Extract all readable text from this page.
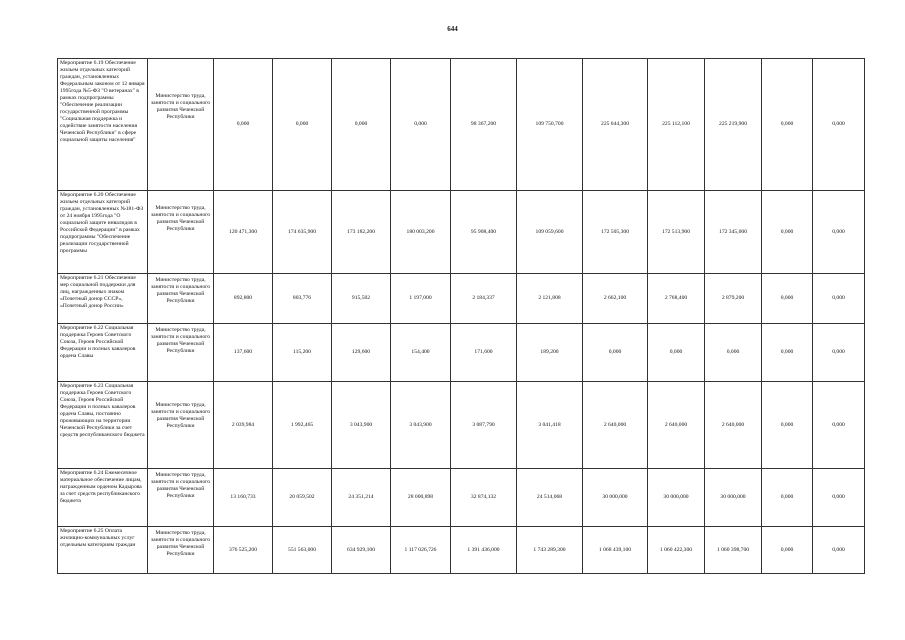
644
Мероприятие 6.19 Обеспечение жильем отдельных категорий граждан, установленных Федеральным законом от 12 января 1995года №5-ФЗ "О ветеранах" в рамках подпрограммы "Обеспечение реализации государственной программы "Социальная поддержка и содействие занятости населения Чеченской Республики" в сфере социальной защиты населения"	Министерство труда, занятости и социального развития Чеченской Республики	0,000	0,000	0,000	0,000	98 367,200	109 750,700	225 044,300	225 112,100	225 219,900	0,000	0,000

Мероприятие 6.20 Обеспечение жильем отдельных категорий граждан, установленных №181-ФЗ от 24 ноября 1995года "О социальной защите инвалидов в Российской Федерации" в рамках подпрограммы "Обеспечение реализации государственной программы	Министерство труда, занятости и социального развития Чеченской Республики	120 471,300	174 635,900	173 182,200	180 003,200	95 908,400	109 059,600	172 505,300	172 513,900	172 345,000	0,000	0,000

Мероприятие 6.21 Обеспечение мер социальной поддержки для лиц, награжденных знаком «Почетный донор СССР», «Почетный донор России»	Министерство труда, занятости и социального развития Чеченской Республики	892,800	803,776	915,502	1 197,000	2 184,337	2 121,808	2 662,100	2 768,400	2 879,200	0,000	0,000

Мероприятие 6.22 Социальная поддержка Героев Советского Союза, Героев Российской Федерации и полных кавалеров ордена Славы	Министерство труда, занятости и социального развития Чеченской Республики	137,600	115,200	129,600	154,400	171,600	189,200	0,000	0,000	0,000	0,000	0,000

Мероприятие 6.23 Социальная поддержка Героев Советского Союза, Героев Российской Федерации и полных кавалеров ордена Славы, постоянно проживающих на территории Чеченской Республики за счет средств республиканского бюджета	Министерство труда, занятости и социального развития Чеченской Республики	2 039,984	1 992,465	3 043,900	3 043,900	3 087,790	3 041,418	2 640,000	2 640,000	2 640,000	0,000	0,000

Мероприятие 6.24 Ежемесячное материальное обеспечение лицам, награжденным орденом Кадырова за счет средств республиканского бюджета	Министерство труда, занятости и социального развития Чеченской Республики	13 160,733	20 059,502	24 351,214	28 000,898	32 874,132	24 514,068	30 000,000	30 000,000	30 000,000	0,000	0,000

Мероприятие 6.25 Оплата жилищно-коммунальных услуг отдельным категориям граждан	Министерство труда, занятости и социального развития Чеченской Республики	376 525,200	551 563,000	634 929,100	1 117 026,726	1 391 436,000	1 743 289,300	1 068 439,100	1 060 422,300	1 060 398,700	0,000	0,000
